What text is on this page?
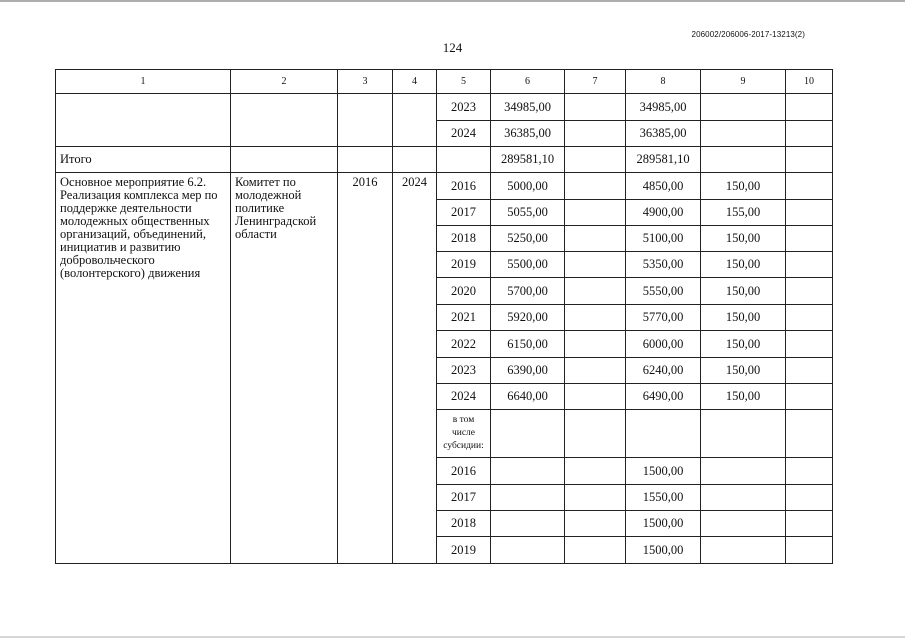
124
206002/206006-2017-13213(2)
1	2	3	4	5	6	7	8	9	10
				2023	34985,00		34985,00		
				2024	36385,00		36385,00		
Итого					289581,10		289581,10		
Основное мероприятие 6.2. Реализация комплекса мер по поддержке деятельности молодежных общественных организаций, объединений, инициатив и развитию добровольческого (волонтерского) движения	Комитет по молодежной политике Ленинградской области	2016	2024	2016	5000,00		4850,00	150,00	
				2017	5055,00		4900,00	155,00	
				2018	5250,00		5100,00	150,00	
				2019	5500,00		5350,00	150,00	
				2020	5700,00		5550,00	150,00	
				2021	5920,00		5770,00	150,00	
				2022	6150,00		6000,00	150,00	
				2023	6390,00		6240,00	150,00	
				2024	6640,00		6490,00	150,00	
				в том числе субсидии:					
				2016			1500,00		
				2017			1550,00		
				2018			1500,00		
				2019			1500,00		
